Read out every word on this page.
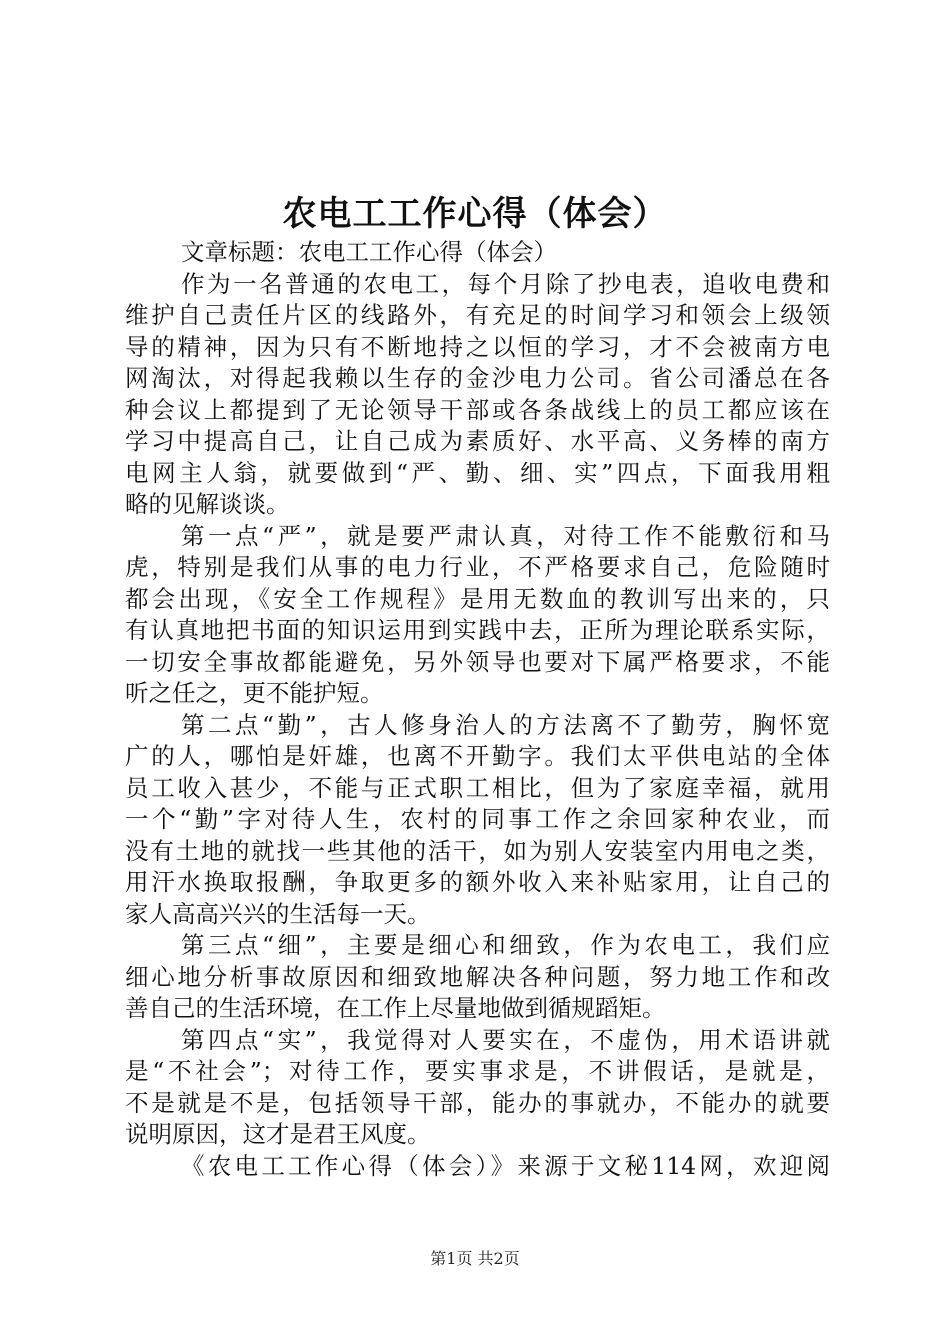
农电工工作心得（体会）
文章标题：农电工工作心得（体会）
作为一名普通的农电工，每个月除了抄电表，追收电费和
维护自己责任片区的线路外，有充足的时间学习和领会上级领
导的精神，因为只有不断地持之以恒的学习，才不会被南方电
网淘汰，对得起我赖以生存的金沙电力公司。省公司潘总在各
种会议上都提到了无论领导干部或各条战线上的员工都应该在
学习中提高自己，让自己成为素质好、水平高、义务棒的南方
电网主人翁，就要做到“严、勤、细、实”四点，下面我用粗
略的见解谈谈。
第一点“严”，就是要严肃认真，对待工作不能敷衍和马
虎，特别是我们从事的电力行业，不严格要求自己，危险随时
都会出现，《安全工作规程》是用无数血的教训写出来的，只
有认真地把书面的知识运用到实践中去，正所为理论联系实际，
一切安全事故都能避免，另外领导也要对下属严格要求，不能
听之任之，更不能护短。
第二点“勤”，古人修身治人的方法离不了勤劳，胸怀宽
广的人，哪怕是奸雄，也离不开勤字。我们太平供电站的全体
员工收入甚少，不能与正式职工相比，但为了家庭幸福，就用
一个“勤”字对待人生，农村的同事工作之余回家种农业，而
没有土地的就找一些其他的活干，如为别人安装室内用电之类，
用汗水换取报酬，争取更多的额外收入来补贴家用，让自己的
家人高高兴兴的生活每一天。
第三点“细”，主要是细心和细致，作为农电工，我们应
细心地分析事故原因和细致地解决各种问题，努力地工作和改
善自己的生活环境，在工作上尽量地做到循规蹈矩。
第四点“实”，我觉得对人要实在，不虚伪，用术语讲就
是“不社会”；对待工作，要实事求是，不讲假话，是就是，
不是就是不是，包括领导干部，能办的事就办，不能办的就要
说明原因，这才是君王风度。
《农电工工作心得（体会）》来源于文秘114网，欢迎阅
第1页 共2页
